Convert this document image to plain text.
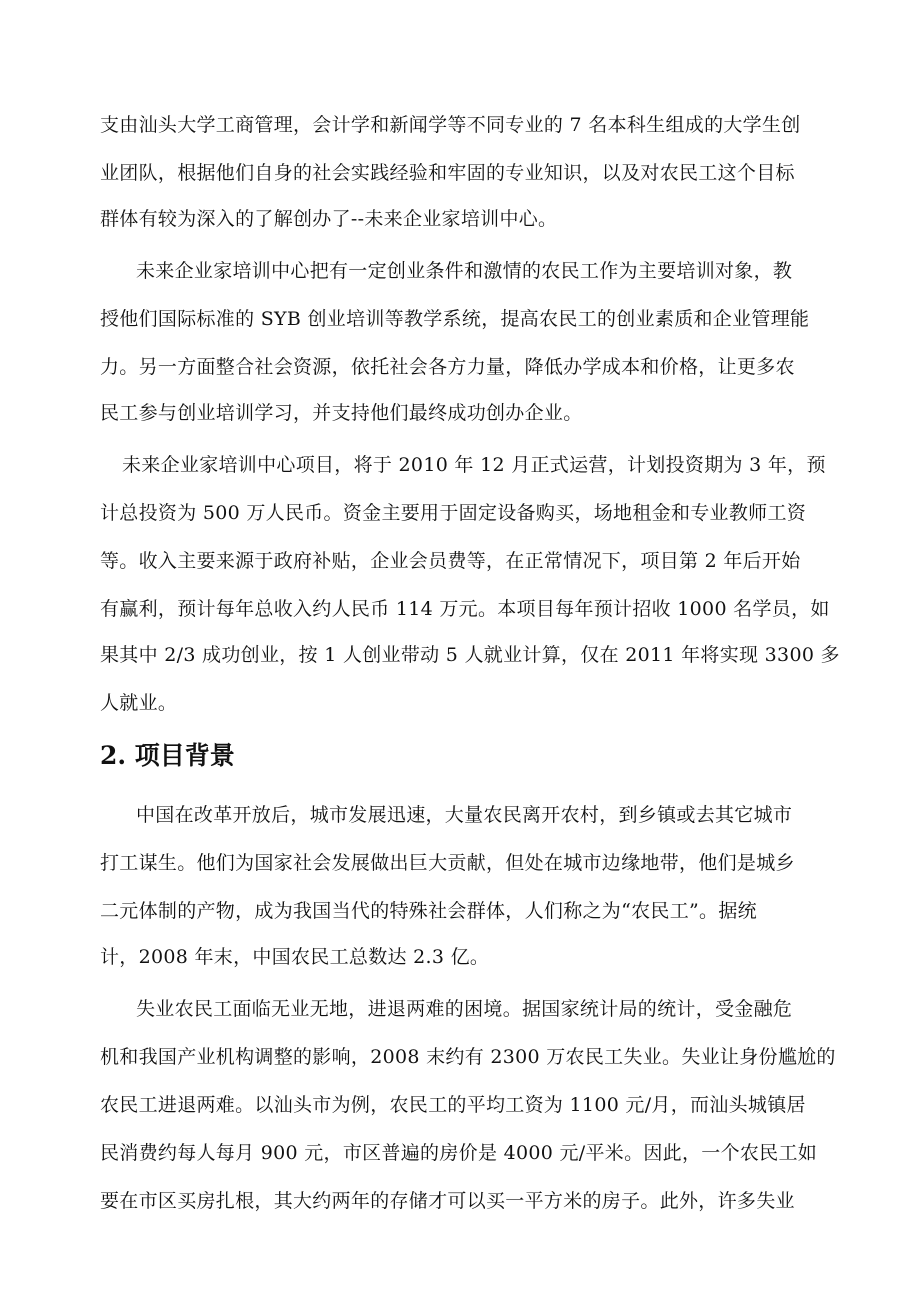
支由汕头大学工商管理，会计学和新闻学等不同专业的 7 名本科生组成的大学生创
业团队，根据他们自身的社会实践经验和牢固的专业知识，以及对农民工这个目标
群体有较为深入的了解创办了--未来企业家培训中心。
未来企业家培训中心把有一定创业条件和激情的农民工作为主要培训对象，教
授他们国际标准的 SYB 创业培训等教学系统，提高农民工的创业素质和企业管理能
力。另一方面整合社会资源，依托社会各方力量，降低办学成本和价格，让更多农
民工参与创业培训学习，并支持他们最终成功创办企业。
未来企业家培训中心项目，将于 2010 年 12 月正式运营，计划投资期为 3 年，预
计总投资为 500 万人民币。资金主要用于固定设备购买，场地租金和专业教师工资
等。收入主要来源于政府补贴，企业会员费等，在正常情况下，项目第 2 年后开始
有赢利，预计每年总收入约人民币 114 万元。本项目每年预计招收 1000 名学员，如
果其中 2/3 成功创业，按 1 人创业带动 5 人就业计算，仅在 2011 年将实现 3300 多
人就业。
2. 项目背景
中国在改革开放后，城市发展迅速，大量农民离开农村，到乡镇或去其它城市
打工谋生。他们为国家社会发展做出巨大贡献，但处在城市边缘地带，他们是城乡
二元体制的产物，成为我国当代的特殊社会群体，人们称之为“农民工”。据统
计，2008 年末，中国农民工总数达 2.3 亿。
失业农民工面临无业无地，进退两难的困境。据国家统计局的统计，受金融危
机和我国产业机构调整的影响，2008 末约有 2300 万农民工失业。失业让身份尴尬的
农民工进退两难。以汕头市为例，农民工的平均工资为 1100 元/月，而汕头城镇居
民消费约每人每月 900 元，市区普遍的房价是 4000 元/平米。因此，一个农民工如
要在市区买房扎根，其大约两年的存储才可以买一平方米的房子。此外，许多失业
